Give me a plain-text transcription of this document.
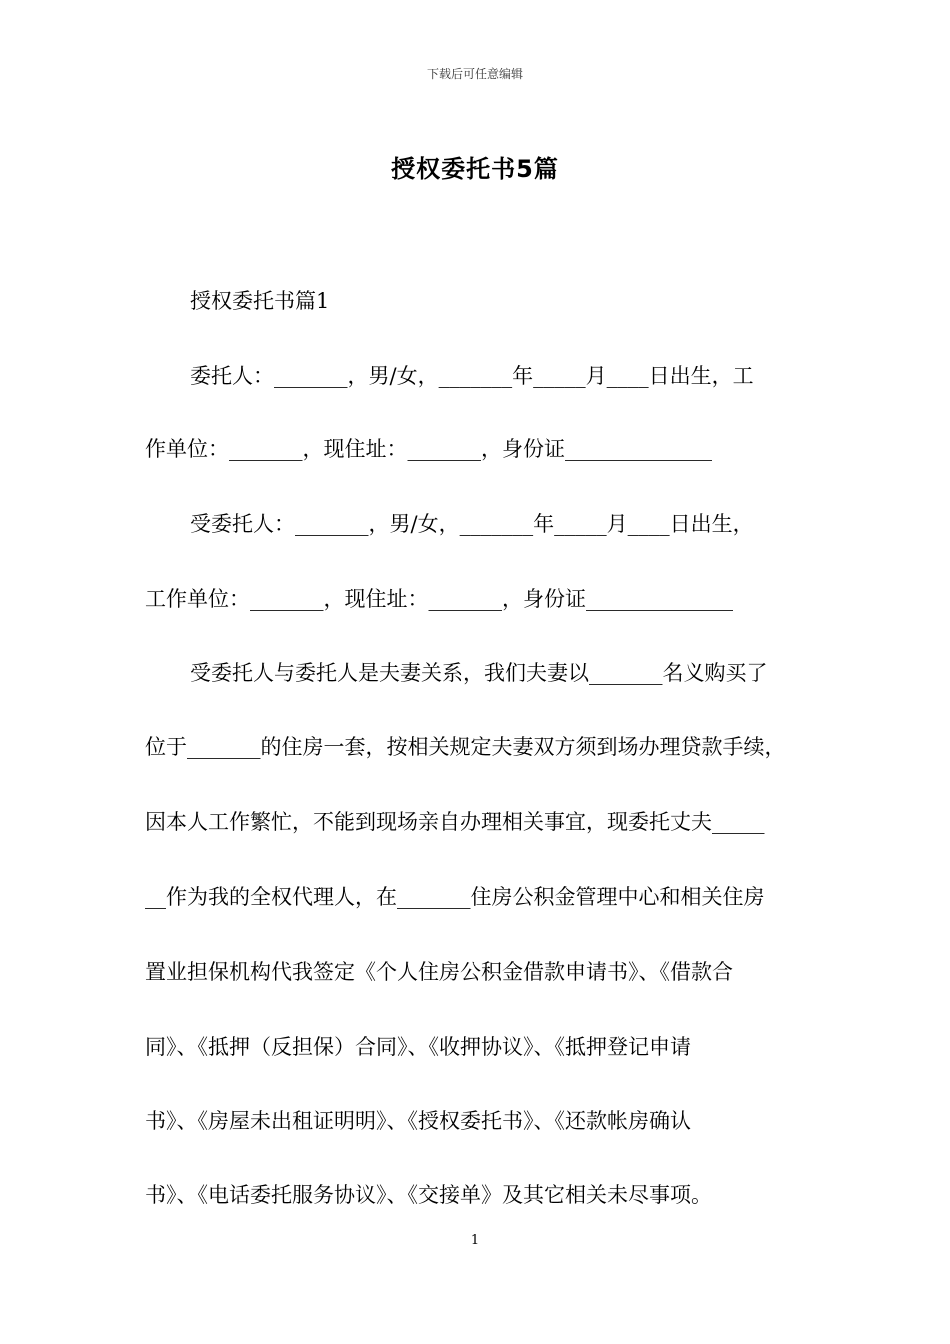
下载后可任意编辑
授权委托书5篇
授权委托书篇1
委托人：_______，男/女，_______年_____月____日出生，工
作单位：_______，现住址：_______，身份证______________
受委托人：_______，男/女，_______年_____月____日出生，
工作单位：_______，现住址：_______，身份证______________
受委托人与委托人是夫妻关系，我们夫妻以_______名义购买了
位于_______的住房一套，按相关规定夫妻双方须到场办理贷款手续，
因本人工作繁忙，不能到现场亲自办理相关事宜，现委托丈夫_____
__作为我的全权代理人，在_______住房公积金管理中心和相关住房
置业担保机构代我签定《个人住房公积金借款申请书》、《借款合
同》、《抵押（反担保）合同》、《收押协议》、《抵押登记申请
书》、《房屋未出租证明明》、《授权委托书》、《还款帐房确认
书》、《电话委托服务协议》、《交接单》及其它相关未尽事项。
1
